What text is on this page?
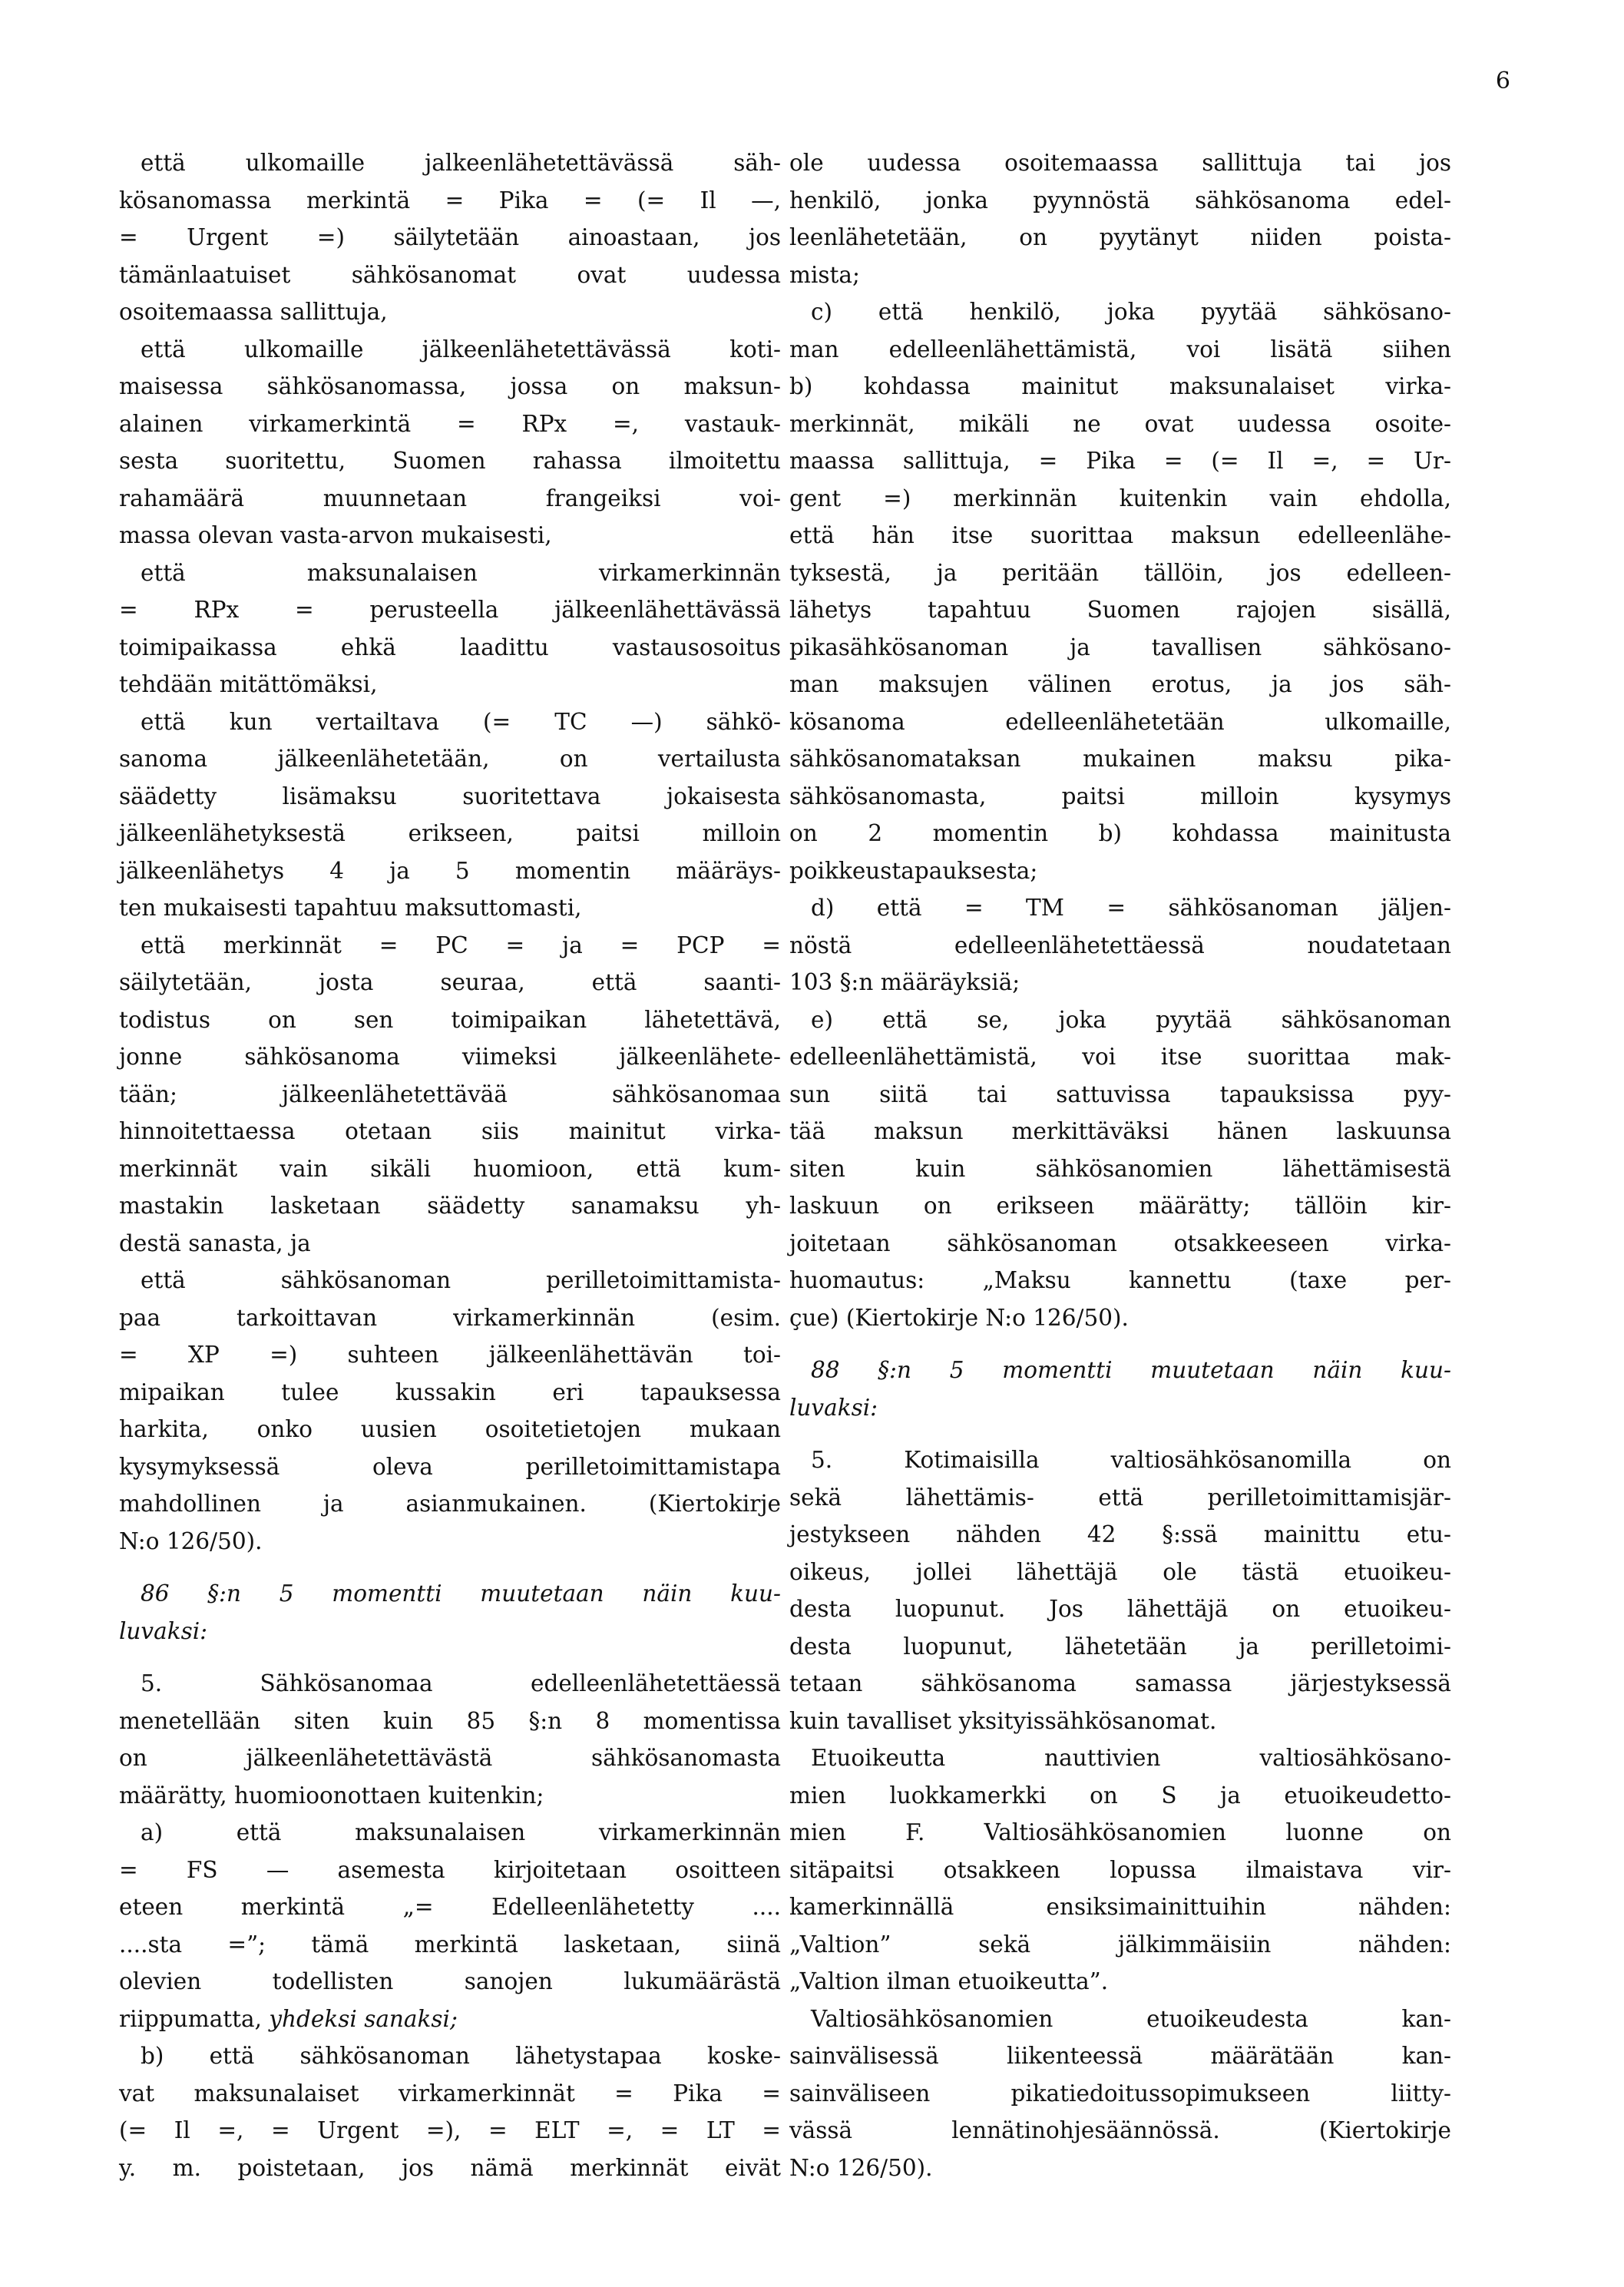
6
että ulkomaille jalkeenlähetettävässä säh-
kösanomassa merkintä = Pika = (= Il —,
= Urgent =) säilytetään ainoastaan, jos
tämänlaatuiset sähkösanomat ovat uudessa
osoitemaassa sallittuja,
että ulkomaille jälkeenlähetettävässä koti-
maisessa sähkösanomassa, jossa on maksun-
alainen virkamerkintä = RPx =, vastauk-
sesta suoritettu, Suomen rahassa ilmoitettu
rahamäärä muunnetaan frangeiksi voi-
massa olevan vasta-arvon mukaisesti,
että maksunalaisen virkamerkinnän
= RPx = perusteella jälkeenlähettävässä
toimipaikassa ehkä laadittu vastausosoitus
tehdään mitättömäksi,
että kun vertailtava (= TC —) sähkö-
sanoma jälkeenlähetetään, on vertailusta
säädetty lisämaksu suoritettava jokaisesta
jälkeenlähetyksestä erikseen, paitsi milloin
jälkeenlähetys 4 ja 5 momentin määräys-
ten mukaisesti tapahtuu maksuttomasti,
että merkinnät = PC = ja = PCP =
säilytetään, josta seuraa, että saanti-
todistus on sen toimipaikan lähetettävä,
jonne sähkösanoma viimeksi jälkeenlähete-
tään; jälkeenlähetettävää sähkösanomaa
hinnoitettaessa otetaan siis mainitut virka-
merkinnät vain sikäli huomioon, että kum-
mastakin lasketaan säädetty sanamaksu yh-
destä sanasta, ja
että sähkösanoman perilletoimittamista-
paa tarkoittavan virkamerkinnän (esim.
= XP =) suhteen jälkeenlähettävän toi-
mipaikan tulee kussakin eri tapauksessa
harkita, onko uusien osoitetietojen mukaan
kysymyksessä oleva perilletoimittamistapa
mahdollinen ja asianmukainen. (Kiertokirje
N:o 126/50).
86 §:n 5 momentti muutetaan näin kuu-
luvaksi:
5. Sähkösanomaa edelleenlähetettäessä
menetellään siten kuin 85 §:n 8 momentissa
on jälkeenlähetettävästä sähkösanomasta
määrätty, huomioonottaen kuitenkin;
a) että maksunalaisen virkamerkinnän
= FS — asemesta kirjoitetaan osoitteen
eteen merkintä „= Edelleenlähetetty ....
....sta =”; tämä merkintä lasketaan, siinä
olevien todellisten sanojen lukumäärästä
riippumatta, yhdeksi sanaksi;
b) että sähkösanoman lähetystapaa koske-
vat maksunalaiset virkamerkinnät = Pika =
(= Il =, = Urgent =), = ELT =, = LT =
y. m. poistetaan, jos nämä merkinnät eivät
ole uudessa osoitemaassa sallittuja tai jos
henkilö, jonka pyynnöstä sähkösanoma edel-
leenlähetetään, on pyytänyt niiden poista-
mista;
c) että henkilö, joka pyytää sähkösano-
man edelleenlähettämistä, voi lisätä siihen
b) kohdassa mainitut maksunalaiset virka-
merkinnät, mikäli ne ovat uudessa osoite-
maassa sallittuja, = Pika = (= Il =, = Ur-
gent =) merkinnän kuitenkin vain ehdolla,
että hän itse suorittaa maksun edelleenlähe-
tyksestä, ja peritään tällöin, jos edelleen-
lähetys tapahtuu Suomen rajojen sisällä,
pikasähkösanoman ja tavallisen sähkösano-
man maksujen välinen erotus, ja jos säh-
kösanoma edelleenlähetetään ulkomaille,
sähkösanomataksan mukainen maksu pika-
sähkösanomasta, paitsi milloin kysymys
on 2 momentin b) kohdassa mainitusta
poikkeustapauksesta;
d) että = TM = sähkösanoman jäljen-
nöstä edelleenlähetettäessä noudatetaan
103 §:n määräyksiä;
e) että se, joka pyytää sähkösanoman
edelleenlähettämistä, voi itse suorittaa mak-
sun siitä tai sattuvissa tapauksissa pyy-
tää maksun merkittäväksi hänen laskuunsa
siten kuin sähkösanomien lähettämisestä
laskuun on erikseen määrätty; tällöin kir-
joitetaan sähkösanoman otsakkeeseen virka-
huomautus: „Maksu kannettu (taxe per-
çue) (Kiertokirje N:o 126/50).
88 §:n 5 momentti muutetaan näin kuu-
luvaksi:
5. Kotimaisilla valtiosähkösanomilla on
sekä lähettämis- että perilletoimittamisjär-
jestykseen nähden 42 §:ssä mainittu etu-
oikeus, jollei lähettäjä ole tästä etuoikeu-
desta luopunut. Jos lähettäjä on etuoikeu-
desta luopunut, lähetetään ja perilletoimi-
tetaan sähkösanoma samassa järjestyksessä
kuin tavalliset yksityissähkösanomat.
Etuoikeutta nauttivien valtiosähkösano-
mien luokkamerkki on S ja etuoikeudetto-
mien F. Valtiosähkösanomien luonne on
sitäpaitsi otsakkeen lopussa ilmaistava vir-
kamerkinnällä ensiksimainittuihin nähden:
„Valtion” sekä jälkimmäisiin nähden:
„Valtion ilman etuoikeutta”.
Valtiosähkösanomien etuoikeudesta kan-
sainvälisessä liikenteessä määrätään kan-
sainväliseen pikatiedoitussopimukseen liitty-
vässä lennätinohjesäännössä. (Kiertokirje
N:o 126/50).
